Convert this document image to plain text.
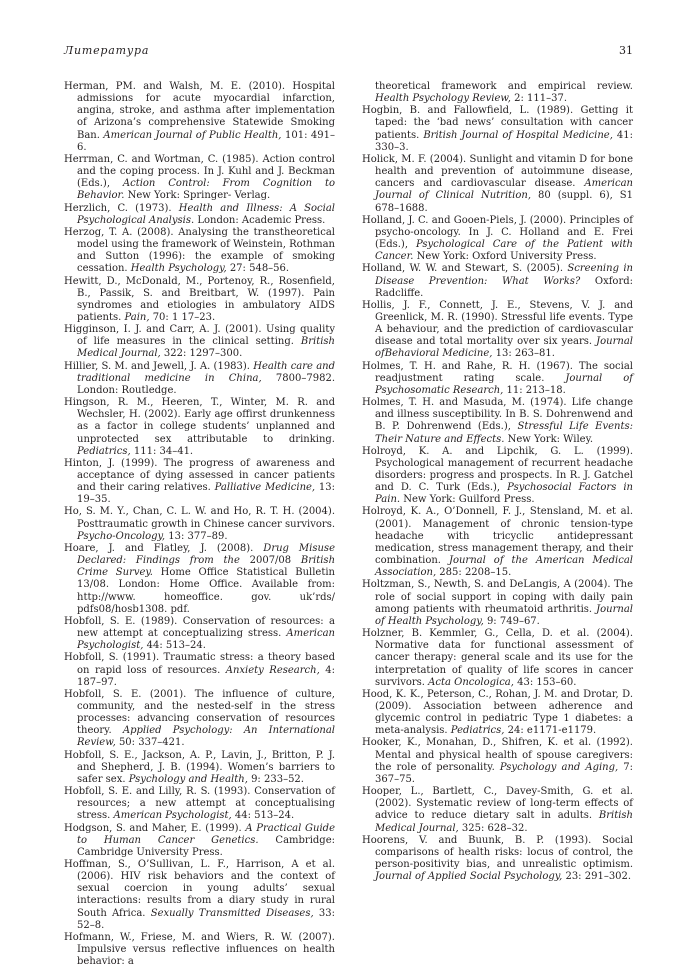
Литература	31

Herman, PM. and Walsh, M. E. (2010). Hospital admissions for acute myocardial infarction, angina, stroke, and asthma after implementation of Arizona’s comprehensive Statewide Smoking Ban. American Journal of Public Health, 101: 491–6.

Herrman, C. and Wortman, C. (1985). Action control and the coping process. In J. Kuhl and J. Beckman (Eds.), Action Control: From Cognition to Behavior. New York: Springer- Verlag.

Herzlich, C. (1973). Health and Illness: A Social Psychological Analysis. London: Academic Press.

Herzog, T. A. (2008). Analysing the transtheoretical model using the framework of Weinstein, Rothman and Sutton (1996): the example of smoking cessation. Health Psychology, 27: 548–56.

Hewitt, D., McDonald, M., Portenoy, R., Rosenfield, B., Passik, S. and Breitbart, W. (1997). Pain syndromes and etiologies in ambulatory AIDS patients. Pain, 70: 1 17–23.

Higginson, I. J. and Carr, A. J. (2001). Using quality of life measures in the clinical setting. British Medical Journal, 322: 1297–300.

Hillier, S. M. and Jewell, J. A. (1983). Health care and traditional medicine in China, 7800–7982. London: Routledge.

Hingson, R. M., Heeren, T., Winter, M. R. and Wechsler, H. (2002). Early age offirst drunkenness as a factor in college students’ unplanned and unprotected sex attributable to drinking. Pediatrics, 111: 34–41.

Hinton, J. (1999). The progress of awareness and acceptance of dying assessed in cancer patients and their caring relatives. Palliative Medicine, 13: 19–35.

Ho, S. M. Y., Chan, C. L. W. and Ho, R. T. H. (2004). Posttraumatic growth in Chinese cancer survivors. Psycho-Oncology, 13: 377–89.

Hoare, J. and Flatley, J. (2008). Drug Misuse Declared: Findings from the 2007/08 British Crime Survey. Home Office Statistical Bulletin 13/08. London: Home Office. Available from: http://www. homeoffice. gov. uk’rds/ pdfs08/hosb1308. pdf.

Hobfoll, S. E. (1989). Conservation of resources: a new attempt at conceptualizing stress. American Psychologist, 44: 513–24.

Hobfoll, S. (1991). Traumatic stress: a theory based on rapid loss of resources. Anxiety Research, 4: 187–97.

Hobfoll, S. E. (2001). The influence of culture, community, and the nested-self in the stress processes: advancing conservation of resources theory. Applied Psychology: An International Review, 50: 337–421.

Hobfoll, S. E., Jackson, A. P., Lavin, J., Britton, P. J. and Shepherd, J. B. (1994). Women’s barriers to safer sex. Psychology and Health, 9: 233–52.

Hobfoll, S. E. and Lilly, R. S. (1993). Conservation of resources; a new attempt at conceptualising stress. American Psychologist, 44: 513–24.

Hodgson, S. and Maher, E. (1999). A Practical Guide to Human Cancer Genetics. Cambridge: Cambridge University Press.

Hoffman, S., O’Sullivan, L. F., Harrison, A et al. (2006). HIV risk behaviors and the context of sexual coercion in young adults’ sexual interactions: results from a diary study in rural South Africa. Sexually Transmitted Diseases, 33: 52–8.

Hofmann, W., Friese, M. and Wiers, R. W. (2007). Impulsive versus reflective influences on health behavior: a

theoretical framework and empirical review. Health Psychology Review, 2: 111–37.

Hogbin, B. and Fallowfield, L. (1989). Getting it taped: the ‘bad news’ consultation with cancer patients. British Journal of Hospital Medicine, 41: 330–3.

Holick, M. F. (2004). Sunlight and vitamin D for bone health and prevention of autoimmune disease, cancers and cardiovascular disease. American Journal of Clinical Nutrition, 80 (suppl. 6), S1 678–1688.

Holland, J. C. and Gooen-Piels, J. (2000). Principles of psycho-oncology. In J. C. Holland and E. Frei (Eds.), Psychological Care of the Patient with Cancer. New York: Oxford University Press.

Holland, W. W. and Stewart, S. (2005). Screening in Disease Prevention: What Works? Oxford: Radcliffe.

Hollis, J. F., Connett, J. E., Stevens, V. J. and Greenlick, M. R. (1990). Stressful life events. Type A behaviour, and the prediction of cardiovascular disease and total mortality over six years. Journal ofBehavioral Medicine, 13: 263–81.

Holmes, T. H. and Rahe, R. H. (1967). The social readjustment rating scale. Journal of Psychosomatic Research, 11: 213–18.

Holmes, T. H. and Masuda, M. (1974). Life change and illness susceptibility. In B. S. Dohrenwend and B. P. Dohrenwend (Eds.), Stressful Life Events: Their Nature and Effects. New York: Wiley.

Holroyd, K. A. and Lipchik, G. L. (1999). Psychological management of recurrent headache disorders: progress and prospects. In R. J. Gatchel and D. C. Turk (Eds.), Psychosocial Factors in Pain. New York: Guilford Press.

Holroyd, K. A., O’Donnell, F. J., Stensland, M. et al. (2001). Management of chronic tension-type headache with tricyclic antidepressant medication, stress management therapy, and their combination. Journal of the American Medical Association, 285: 2208–15.

Holtzman, S., Newth, S. and DeLangis, A (2004). The role of social support in coping with daily pain among patients with rheumatoid arthritis. Journal of Health Psychology, 9: 749–67.

Holzner, B. Kemmler, G., Cella, D. et al. (2004). Normative data for functional assessment of cancer therapy: general scale and its use for the interpretation of quality of life scores in cancer survivors. Acta Oncologica, 43: 153–60.

Hood, K. K., Peterson, C., Rohan, J. M. and Drotar, D. (2009). Association between adherence and glycemic control in pediatric Type 1 diabetes: a meta-analysis. Pediatrics, 24: e1171-e1179.

Hooker, K., Monahan, D., Shifren, K. et al. (1992). Mental and physical health of spouse caregivers: the role of personality. Psychology and Aging, 7: 367–75.

Hooper, L., Bartlett, C., Davey-Smith, G. et al. (2002). Systematic review of long-term effects of advice to reduce dietary salt in adults. British Medical Journal, 325: 628–32.

Hoorens, V. and Buunk, B. P. (1993). Social comparisons of health risks: locus of control, the person-positivity bias, and unrealistic optimism. Journal of Applied Social Psychology, 23: 291–302.
